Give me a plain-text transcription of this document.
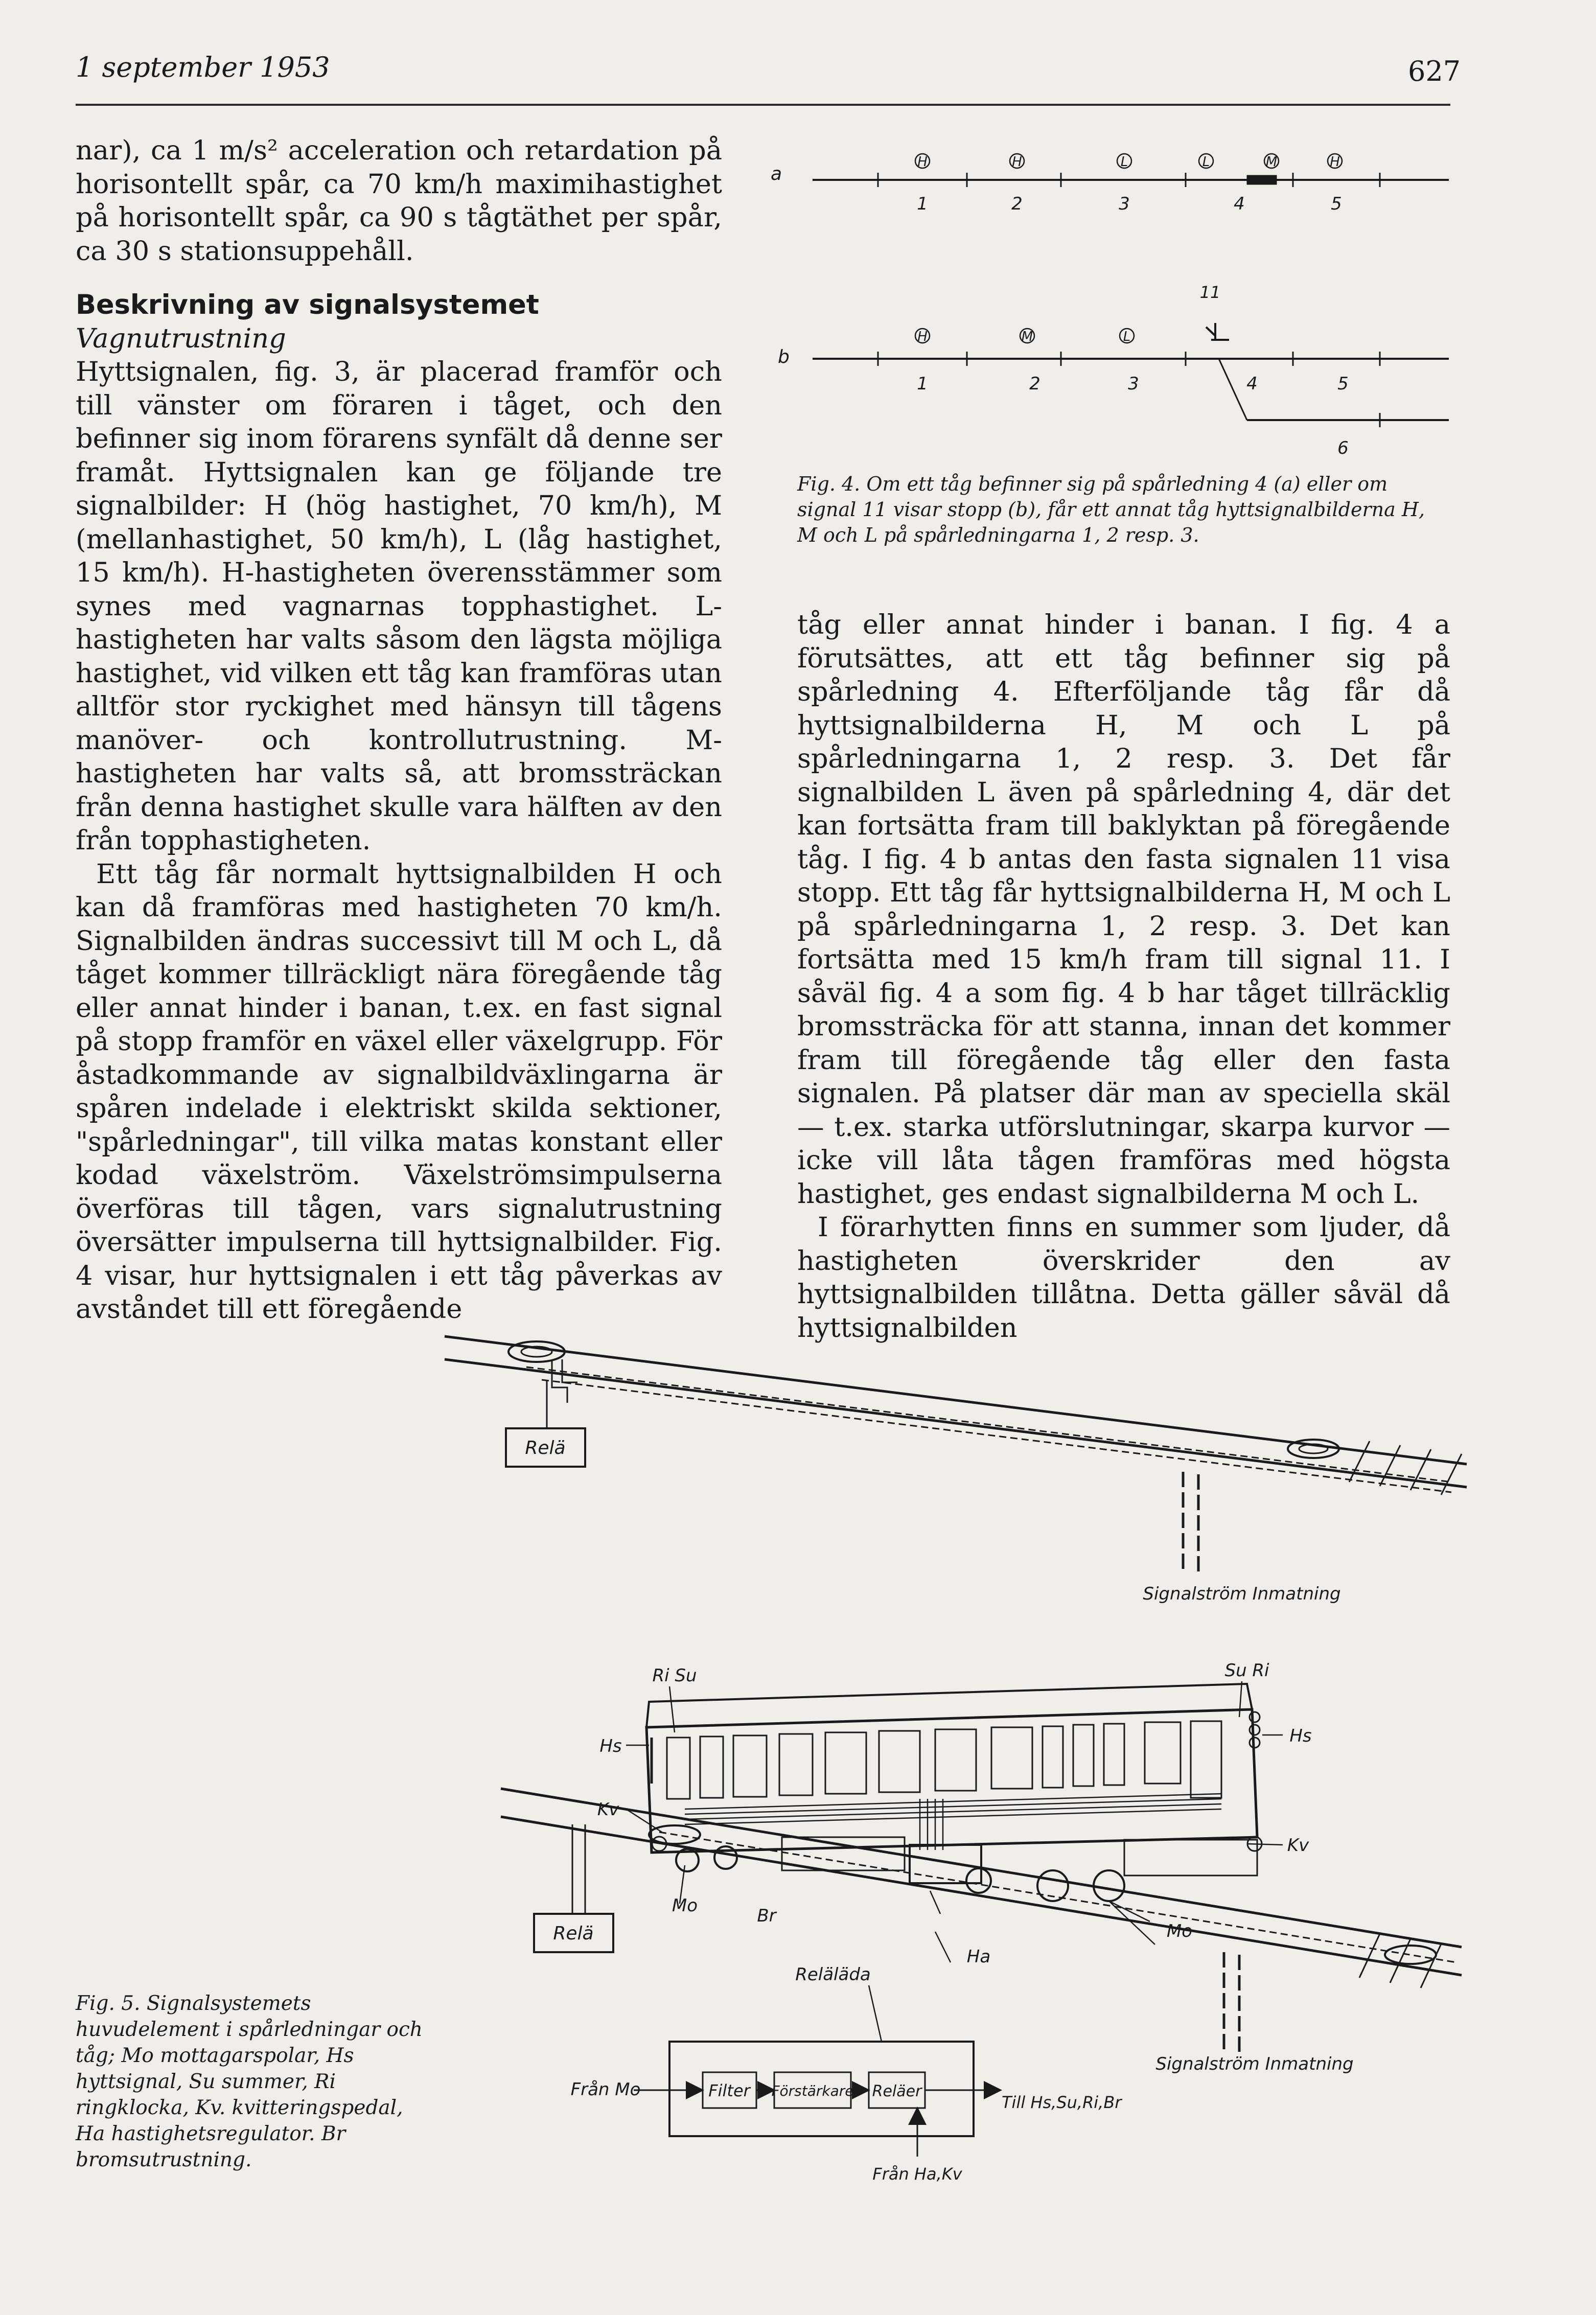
1 september 1953	627

nar), ca 1 m/s² acceleration och retardation på horisontellt spår, ca 70 km/h maximihastighet på horisontellt spår, ca 90 s tågtäthet per spår, ca 30 s stationsuppehåll.

Beskrivning av signalsystemet

Vagnutrustning

Hyttsignalen, fig. 3, är placerad framför och till vänster om föraren i tåget, och den befinner sig inom förarens synfält då denne ser framåt. Hyttsignalen kan ge följande tre signalbilder: H (hög hastighet, 70 km/h), M (mellanhastighet, 50 km/h), L (låg hastighet, 15 km/h). H-hastigheten överensstämmer som synes med vagnarnas topphastighet. L-hastigheten har valts såsom den lägsta möjliga hastighet, vid vilken ett tåg kan framföras utan alltför stor ryckighet med hänsyn till tågens manöver- och kontrollutrustning. M-hastigheten har valts så, att bromssträckan från denna hastighet skulle vara hälften av den från topphastigheten.

Ett tåg får normalt hyttsignalbilden H och kan då framföras med hastigheten 70 km/h. Signalbilden ändras successivt till M och L, då tåget kommer tillräckligt nära föregående tåg eller annat hinder i banan, t.ex. en fast signal på stopp framför en växel eller växelgrupp. För åstadkommande av signalbildväxlingarna är spåren indelade i elektriskt skilda sektioner, "spårledningar", till vilka matas konstant eller kodad växelström. Växelströmsimpulserna överföras till tågen, vars signalutrustning översätter impulserna till hyttsignalbilder. Fig. 4 visar, hur hyttsignalen i ett tåg påverkas av avståndet till ett föregående

tåg eller annat hinder i banan. I fig. 4 a förutsättes, att ett tåg befinner sig på spårledning 4. Efterföljande tåg får då hyttsignalbilderna H, M och L på spårledningarna 1, 2 resp. 3. Det får signalbilden L även på spårledning 4, där det kan fortsätta fram till baklyktan på föregående tåg. I fig. 4 b antas den fasta signalen 11 visa stopp. Ett tåg får hyttsignalbilderna H, M och L på spårledningarna 1, 2 resp. 3. Det kan fortsätta med 15 km/h fram till signal 11. I såväl fig. 4 a som fig. 4 b har tåget tillräcklig bromssträcka för att stanna, innan det kommer fram till föregående tåg eller den fasta signalen. På platser där man av speciella skäl — t.ex. starka utförslutningar, skarpa kurvor — icke vill låta tågen framföras med högsta hastighet, ges endast signalbilderna M och L.

I förarhytten finns en summer som ljuder, då hastigheten överskrider den av hyttsignalbilden tillåtna. Detta gäller såväl då hyttsignalbilden

Fig. 4. Om ett tåg befinner sig på spårledning 4 (a) eller om signal 11 visar stopp (b), får ett annat tåg hyttsignalbilderna H, M och L på spårledningarna 1, 2 resp. 3.
Fig. 5. Signalsystemets huvudelement i spårledningar och tåg; Mo mottagarspolar, Hs hyttsignal, Su summer, Ri ringklocka, Kv. kvitteringspedal, Ha hastighetsregulator. Br bromsutrustning.
a
H	H	L	L	M	H
1	2	3	4	5
b
H	M	L
11
1	2	3	4	5
6
Relä
Signalström Inmatning
Relä
Signalström Inmatning
Ri Su	Su Ri
Hs	Hs
Kv
Kv
Mo
Mo
Br
Ha
Reläläda
Filter Förstärkare Reläer
Från Mo
Till Hs,Su,Ri,Br
Från Ha,Kv
